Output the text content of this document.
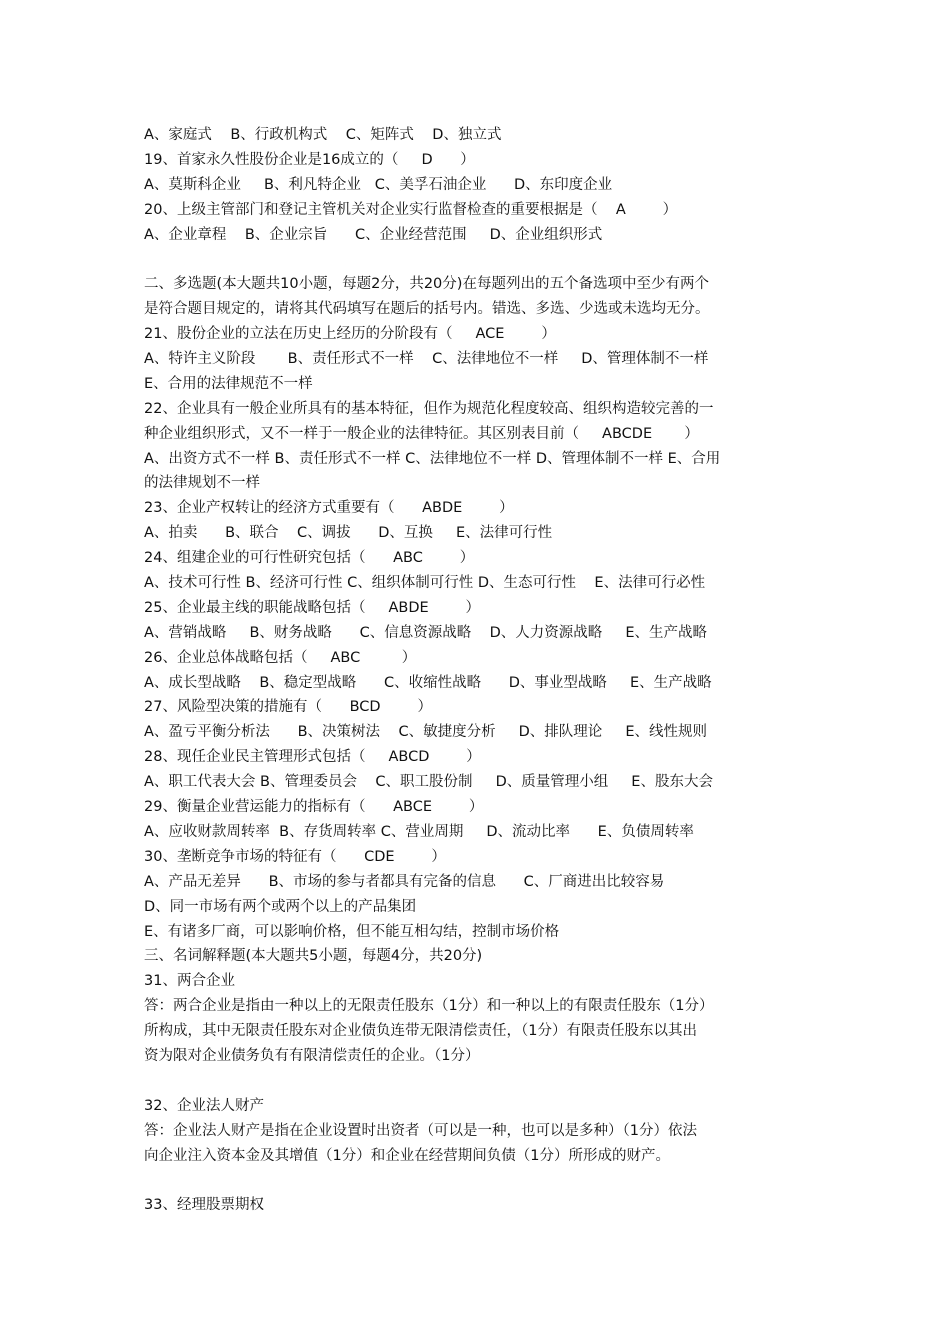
A、家庭式    B、行政机构式    C、矩阵式    D、独立式
19、首家永久性股份企业是16成立的（     D      ）
A、莫斯科企业     B、利凡特企业   C、美孚石油企业      D、东印度企业
20、上级主管部门和登记主管机关对企业实行监督检查的重要根据是（    A        ）
A、企业章程    B、企业宗旨      C、企业经营范围     D、企业组织形式
二、多选题(本大题共10小题，每题2分，共20分)在每题列出的五个备选项中至少有两个
是符合题目规定的，请将其代码填写在题后的括号内。错选、多选、少选或未选均无分。
21、股份企业的立法在历史上经历的分阶段有（     ACE        ）
A、特许主义阶段       B、责任形式不一样    C、法律地位不一样     D、管理体制不一样
E、合用的法律规范不一样
22、企业具有一般企业所具有的基本特征，但作为规范化程度较高、组织构造较完善的一
种企业组织形式，又不一样于一般企业的法律特征。其区别表目前（     ABCDE       ）
A、出资方式不一样 B、责任形式不一样 C、法律地位不一样 D、管理体制不一样 E、合用
的法律规划不一样
23、企业产权转让的经济方式重要有（      ABDE        ）
A、拍卖      B、联合    C、调拔      D、互换     E、法律可行性
24、组建企业的可行性研究包括（      ABC        ）
A、技术可行性 B、经济可行性 C、组织体制可行性 D、生态可行性    E、法律可行必性
25、企业最主线的职能战略包括（     ABDE        ）
A、营销战略     B、财务战略      C、信息资源战略    D、人力资源战略     E、生产战略
26、企业总体战略包括（     ABC         ）
A、成长型战略    B、稳定型战略      C、收缩性战略      D、事业型战略     E、生产战略
27、风险型决策的措施有（      BCD        ）
A、盈亏平衡分析法      B、决策树法    C、敏捷度分析     D、排队理论     E、线性规则
28、现任企业民主管理形式包括（     ABCD        ）
A、职工代表大会 B、管理委员会    C、职工股份制     D、质量管理小组     E、股东大会
29、衡量企业营运能力的指标有（      ABCE        ）
A、应收财款周转率  B、存货周转率 C、营业周期     D、流动比率      E、负债周转率
30、垄断竞争市场的特征有（      CDE        ）
A、产品无差异      B、市场的参与者都具有完备的信息      C、厂商进出比较容易
D、同一市场有两个或两个以上的产品集团
E、有诸多厂商，可以影响价格，但不能互相勾结，控制市场价格
三、名词解释题(本大题共5小题，每题4分，共20分)
31、两合企业
答：两合企业是指由一种以上的无限责任股东（1分）和一种以上的有限责任股东（1分）
所构成，其中无限责任股东对企业债负连带无限清偿责任，（1分）有限责任股东以其出
资为限对企业债务负有有限清偿责任的企业。（1分）
32、企业法人财产
答：企业法人财产是指在企业设置时出资者（可以是一种，也可以是多种）（1分）依法
向企业注入资本金及其增值（1分）和企业在经营期间负债（1分）所形成的财产。
33、经理股票期权
